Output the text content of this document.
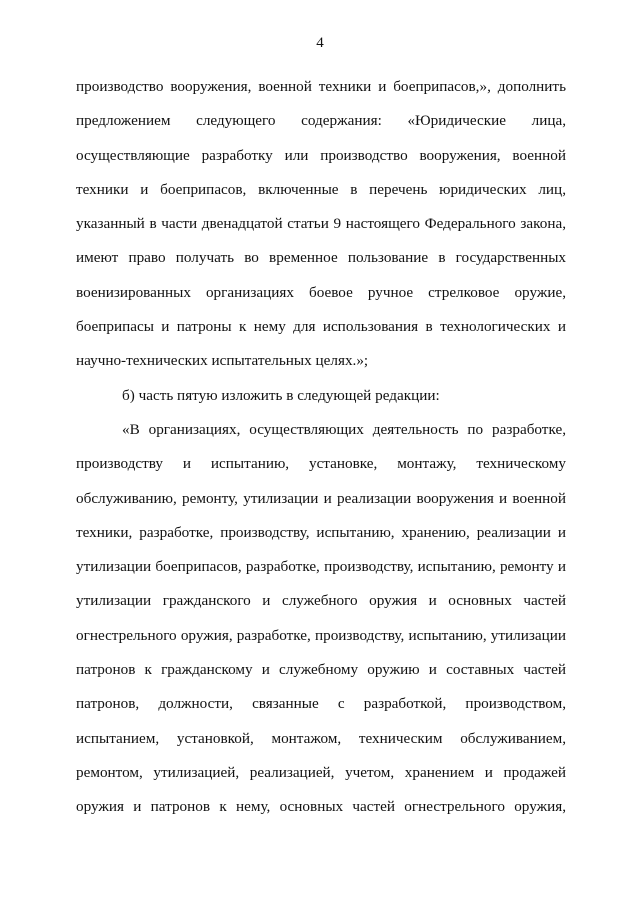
4
производство вооружения, военной техники и боеприпасов,», дополнить
предложением следующего содержания: «Юридические лица,
осуществляющие разработку или производство вооружения, военной
техники и боеприпасов, включенные в перечень юридических лиц,
указанный в части двенадцатой статьи 9 настоящего Федерального закона,
имеют право получать во временное пользование в государственных
военизированных организациях боевое ручное стрелковое оружие,
боеприпасы и патроны к нему для использования в технологических и
научно-технических испытательных целях.»;
б) часть пятую изложить в следующей редакции:
«В организациях, осуществляющих деятельность по разработке,
производству и испытанию, установке, монтажу, техническому
обслуживанию, ремонту, утилизации и реализации вооружения и военной
техники, разработке, производству, испытанию, хранению, реализации и
утилизации боеприпасов, разработке, производству, испытанию, ремонту и
утилизации гражданского и служебного оружия и основных частей
огнестрельного оружия, разработке, производству, испытанию, утилизации
патронов к гражданскому и служебному оружию и составных частей
патронов, должности, связанные с разработкой, производством,
испытанием, установкой, монтажом, техническим обслуживанием,
ремонтом, утилизацией, реализацией, учетом, хранением и продажей
оружия и патронов к нему, основных частей огнестрельного оружия,
